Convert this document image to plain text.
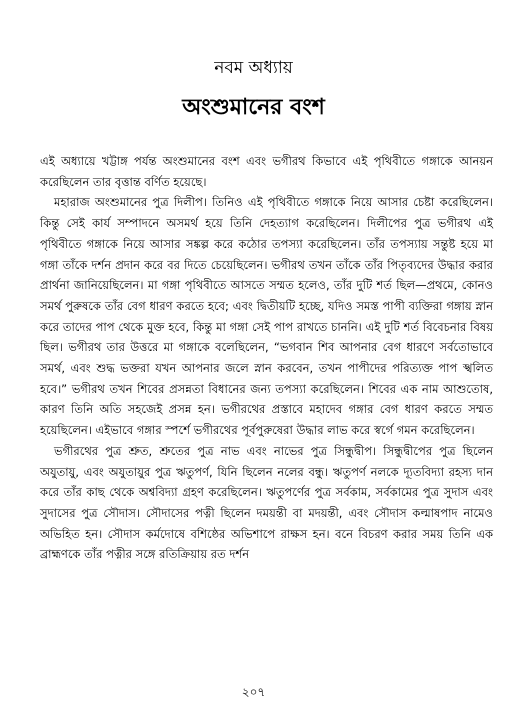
নবম অধ্যায়
অংশুমানের বংশ

এই অধ্যায়ে খট্টাঙ্গ পর্যন্ত অংশুমানের বংশ এবং ভগীরথ কিভাবে এই পৃথিবীতে গঙ্গাকে আনয়ন করেছিলেন তার বৃত্তান্ত বর্ণিত হয়েছে।

মহারাজ অংশুমানের পুত্র দিলীপ। তিনিও এই পৃথিবীতে গঙ্গাকে নিয়ে আসার চেষ্টা করেছিলেন। কিন্তু সেই কার্য সম্পাদনে অসমর্থ হয়ে তিনি দেহত্যাগ করেছিলেন। দিলীপের পুত্র ভগীরথ এই পৃথিবীতে গঙ্গাকে নিয়ে আসার সঙ্কল্প করে কঠোর তপস্যা করেছিলেন। তাঁর তপস্যায় সন্তুষ্ট হয়ে মা গঙ্গা তাঁকে দর্শন প্রদান করে বর দিতে চেয়েছিলেন। ভগীরথ তখন তাঁকে তাঁর পিতৃব্যদের উদ্ধার করার প্রার্থনা জানিয়েছিলেন। মা গঙ্গা পৃথিবীতে আসতে সম্মত হলেও, তাঁর দুটি শর্ত ছিল—প্রথমে, কোনও সমর্থ পুরুষকে তাঁর বেগ ধারণ করতে হবে; এবং দ্বিতীয়টি হচ্ছে, যদিও সমস্ত পাপী ব্যক্তিরা গঙ্গায় স্নান করে তাদের পাপ থেকে মুক্ত হবে, কিন্তু মা গঙ্গা সেই পাপ রাখতে চাননি। এই দুটি শর্ত বিবেচনার বিষয় ছিল। ভগীরথ তার উত্তরে মা গঙ্গাকে বলেছিলেন, “ভগবান শিব আপনার বেগ ধারণে সর্বতোভাবে সমর্থ, এবং শুদ্ধ ভক্তরা যখন আপনার জলে স্নান করবেন, তখন পাপীদের পরিত্যক্ত পাপ স্খলিত হবে।” ভগীরথ তখন শিবের প্রসন্নতা বিধানের জন্য তপস্যা করেছিলেন। শিবের এক নাম আশুতোষ, কারণ তিনি অতি সহজেই প্রসন্ন হন। ভগীরথের প্রস্তাবে মহাদেব গঙ্গার বেগ ধারণ করতে সম্মত হয়েছিলেন। এইভাবে গঙ্গার স্পর্শে ভগীরথের পূর্বপুরুষেরা উদ্ধার লাভ করে স্বর্গে গমন করেছিলেন।

ভগীরথের পুত্র শ্রুত, শ্রুতের পুত্র নাভ এবং নাভের পুত্র সিন্ধুদ্বীপ। সিন্ধুদ্বীপের পুত্র ছিলেন অযুতায়ু, এবং অযুতায়ুর পুত্র ঋতুপর্ণ, যিনি ছিলেন নলের বন্ধু। ঋতুপর্ণ নলকে দ্যূতবিদ্যা রহস্য দান করে তাঁর কাছ থেকে অশ্ববিদ্যা গ্রহণ করেছিলেন। ঋতুপর্ণের পুত্র সর্বকাম, সর্বকামের পুত্র সুদাস এবং সুদাসের পুত্র সৌদাস। সৌদাসের পত্নী ছিলেন দময়ন্তী বা মদয়ন্তী, এবং সৌদাস কল্মাষপাদ নামেও অভিহিত হন। সৌদাস কর্মদোষে বশিষ্ঠের অভিশাপে রাক্ষস হন। বনে বিচরণ করার সময় তিনি এক ব্রাহ্মণকে তাঁর পত্নীর সঙ্গে রতিক্রিয়ায় রত দর্শন

২০৭
